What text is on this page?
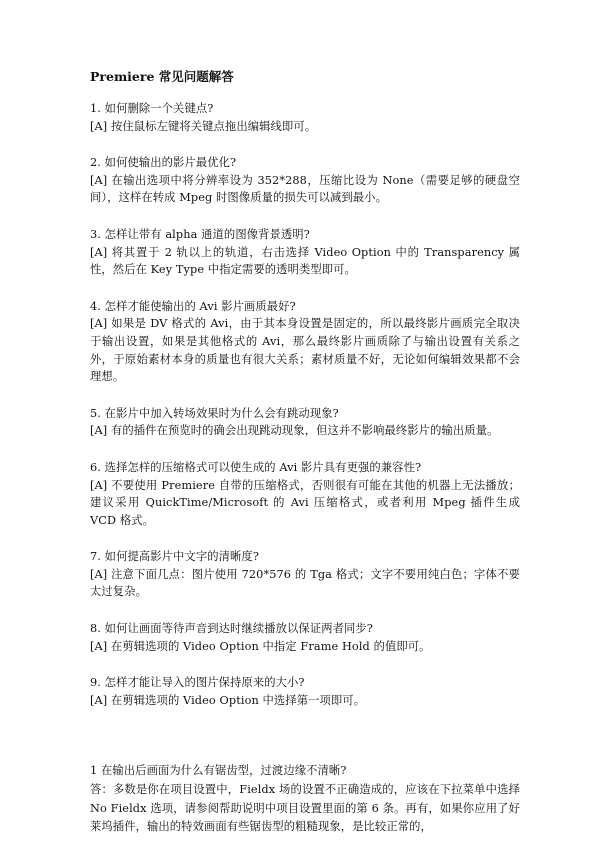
Premiere 常见问题解答

1. 如何删除一个关键点?

[A] 按住鼠标左键将关键点拖出编辑线即可。

2. 如何使输出的影片最优化?

[A] 在输出选项中将分辨率设为 352*288，压缩比设为 None（需要足够的硬盘空间），这样在转成 Mpeg 时图像质量的损失可以减到最小。

3. 怎样让带有 alpha 通道的图像背景透明?

[A] 将其置于 2 轨以上的轨道，右击选择 Video Option 中的 Transparency 属性，然后在 Key Type 中指定需要的透明类型即可。

4. 怎样才能使输出的 Avi 影片画质最好?

[A] 如果是 DV 格式的 Avi，由于其本身设置是固定的，所以最终影片画质完全取决于输出设置，如果是其他格式的 Avi，那么最终影片画质除了与输出设置有关系之外，于原始素材本身的质量也有很大关系；素材质量不好，无论如何编辑效果都不会理想。

5. 在影片中加入转场效果时为什么会有跳动现象?

[A] 有的插件在预览时的确会出现跳动现象，但这并不影响最终影片的输出质量。

6. 选择怎样的压缩格式可以使生成的 Avi 影片具有更强的兼容性?

[A] 不要使用 Premiere 自带的压缩格式，否则很有可能在其他的机器上无法播放；建议采用 QuickTime/Microsoft 的 Avi 压缩格式，或者利用 Mpeg 插件生成 VCD 格式。

7. 如何提高影片中文字的清晰度?

[A] 注意下面几点：图片使用 720*576 的 Tga 格式；文字不要用纯白色；字体不要太过复杂。

8. 如何让画面等待声音到达时继续播放以保证两者同步?

[A] 在剪辑选项的 Video Option 中指定 Frame Hold 的值即可。

9. 怎样才能让导入的图片保持原来的大小?

[A] 在剪辑选项的 Video Option 中选择第一项即可。

1 在输出后画面为什么有锯齿型，过渡边缘不清晰?

答：多数是你在项目设置中，Fieldx 场的设置不正确造成的，应该在下拉菜单中选择 No Fieldx 选项，请参阅帮助说明中项目设置里面的第 6 条。再有，如果你应用了好莱坞插件，输出的特效画面有些锯齿型的粗糙现象，是比较正常的，
